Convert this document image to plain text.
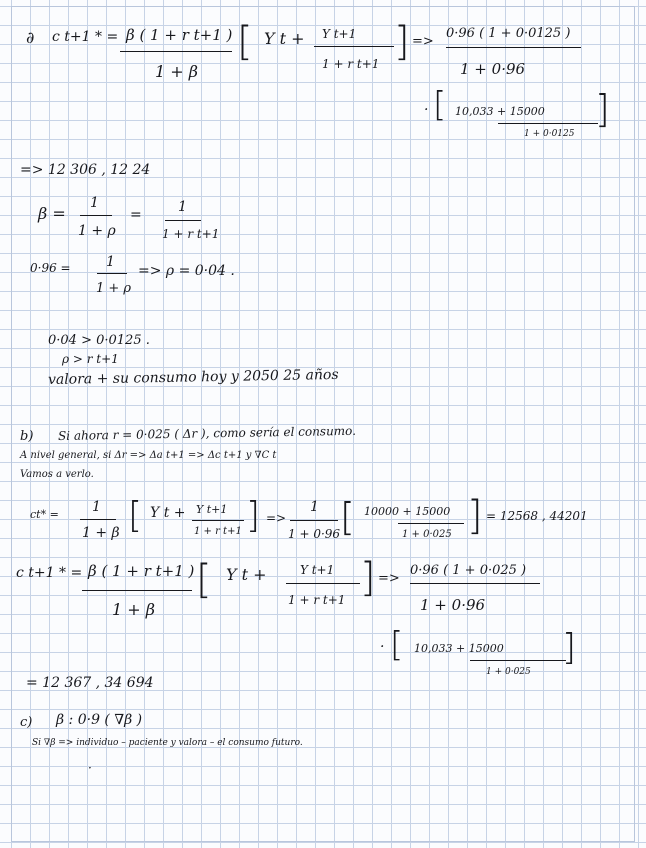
∂ c t+1 * = β ( 1 + r t+1 )
1 + β
[ Y t + Y t+1
1 + r t+1 ] =>
0·96 ( 1 + 0·0125 )
1 + 0·96
· [ 10,033 + 15000
1 + 0·0125
]
=> 12 306 , 12 24
β =
1
1 + ρ
=	1
1 + r t+1
0·96 =	1
1 + ρ
=> ρ = 0·04 .
0·04 > 0·0125 .
ρ > r t+1
valora + su consumo hoy y 2050 25 años
b) Si ahora r = 0·025 ( Δr ), como sería el consumo.
A nivel general, si Δr => Δa t+1 => Δc t+1 y ∇C t
Vamos a verlo.
ct* = 1
1 + β [ Y t + Y t+1
1 + r t+1 ] =>
1
1 + 0·96 [ 10000 + 15000
1 + 0·025 ] = 12568 , 44201
c t+1 * = β ( 1 + r t+1 )
1 + β
[ Y t +	Y t+1
1 + r t+1 ] =>
0·96 ( 1 + 0·025 )
1 + 0·96
· [ 10,033 + 15000
1 + 0·025
]
= 12 367 , 34 694
c) β : 0·9 ( ∇β )
Si ∇β => individuo – paciente y valora – el consumo futuro.
·
